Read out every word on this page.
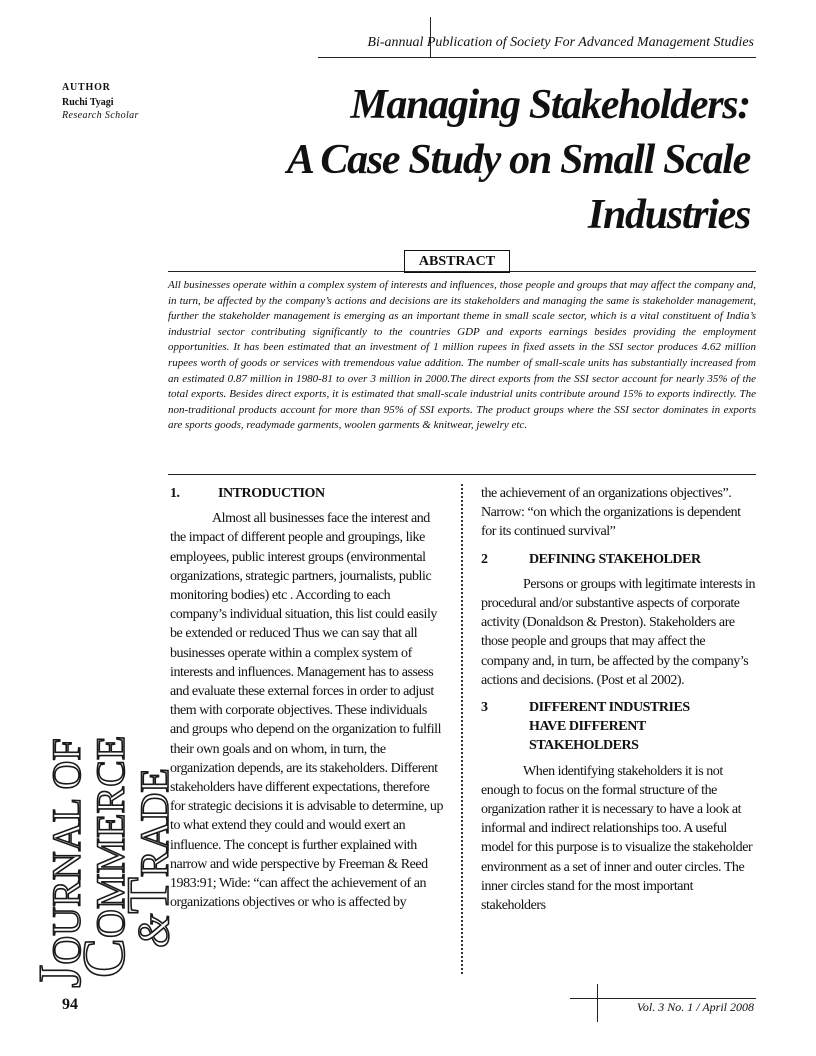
Bi-annual Publication of Society For Advanced Management Studies
AUTHOR
Ruchi Tyagi
Research Scholar	Managing Stakeholders:
A Case Study on Small Scale
Industries
ABSTRACT
All businesses operate within a complex system of interests and influences, those people and groups that may affect the company and, in turn, be affected by the company’s actions and decisions are its stakeholders and managing the same is stakeholder management, further the stakeholder management is emerging as an important theme in small scale sector, which is a vital constituent of India’s industrial sector contributing significantly to the countries GDP and exports earnings besides providing the employment opportunities. It has been estimated that an investment of 1 million rupees in fixed assets in the SSI sector produces 4.62 million rupees worth of goods or services with tremendous value addition. The number of small-scale units has substantially increased from an estimated 0.87 million in 1980-81 to over 3 million in 2000.The direct exports from the SSI sector account for nearly 35% of the total exports. Besides direct exports, it is estimated that small-scale industrial units contribute around 15% to exports indirectly. The non-traditional products account for more than 95% of SSI exports. The product groups where the SSI sector dominates in exports are sports goods, readymade garments, woolen garments & knitwear, jewelry etc.
JOURNAL OF
COMMERCE
&TRADE
1.	INTRODUCTION
Almost all businesses face the interest and the impact of different people and groupings, like employees, public interest groups (environmental organizations, strategic partners, journalists, public monitoring bodies) etc . According to each company’s individual situation, this list could easily be extended or reduced Thus we can say that all businesses operate within a complex system of interests and influences. Management has to assess and evaluate these external forces in order to adjust them with corporate objectives. These individuals and groups who depend on the organization to fulfill their own goals and on whom, in turn, the organization depends, are its stakeholders. Different stakeholders have different expectations, therefore for strategic decisions it is advisable to determine, up to what extend they could and would exert an influence. The concept is further explained with narrow and wide perspective by Freeman & Reed 1983:91; Wide: “can affect the achievement of an organizations objectives or who is affected by
the achievement of an organizations objectives”. Narrow: “on which the organizations is dependent for its continued survival”
2	DEFINING STAKEHOLDER
Persons or groups with legitimate interests in procedural and/or substantive aspects of corporate activity (Donaldson & Preston). Stakeholders are those people and groups that may affect the company and, in turn, be affected by the company’s actions and decisions. (Post et al 2002).
3	DIFFERENT INDUSTRIES
HAVE DIFFERENT
STAKEHOLDERS
When identifying stakeholders it is not enough to focus on the formal structure of the organization rather it is necessary to have a look at informal and indirect relationships too. A useful model for this purpose is to visualize the stakeholder environment as a set of inner and outer circles. The inner circles stand for the most important stakeholders
94	Vol. 3 No. 1 / April 2008
